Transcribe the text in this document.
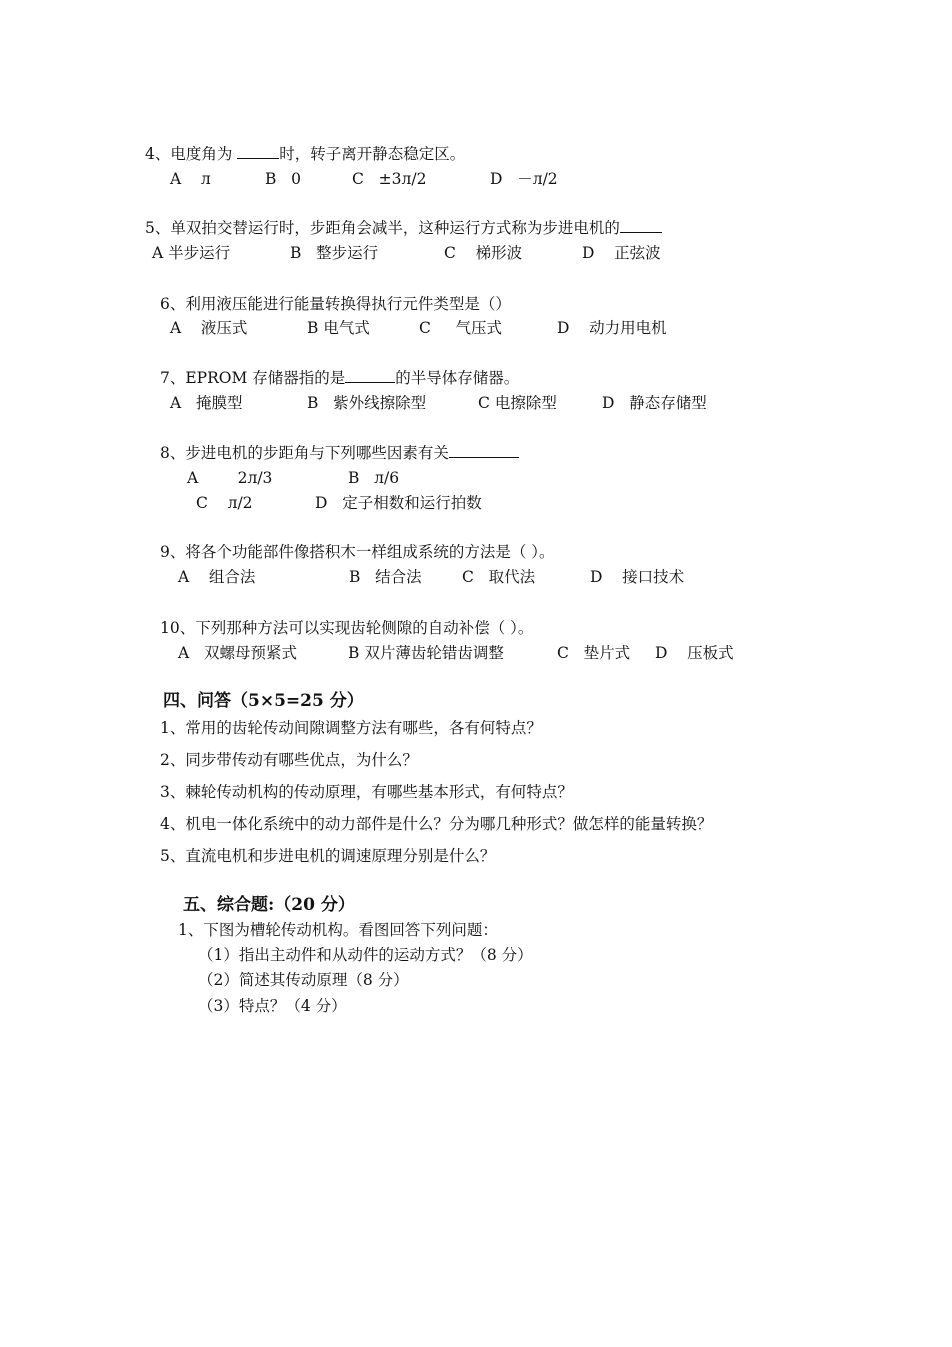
4、电度角为	时，转子离开静态稳定区。
A л	B 0	C ±3л/2	D －л/2
5、单双拍交替运行时，步距角会减半，这种运行方式称为步进电机的
A 半步运行	B 整步运行	C 梯形波	D 正弦波
6、利用液压能进行能量转换得执行元件类型是（）
A 液压式	B 电气式	C 气压式	D 动力用电机
7、EPROM 存储器指的是	的半导体存储器。
A 掩膜型	B 紫外线擦除型	C 电擦除型	D 静态存储型
8、步进电机的步距角与下列哪些因素有关
A	2л/3	B л/6
C л/2	D 定子相数和运行拍数
9、将各个功能部件像搭积木一样组成系统的方法是（ ）。
A 组合法	B 结合法	C 取代法	D 接口技术
10、下列那种方法可以实现齿轮侧隙的自动补偿（ ）。
A 双螺母预紧式	B 双片薄齿轮错齿调整	C 垫片式 D 压板式
四、问答（5×5=25 分）
1、常用的齿轮传动间隙调整方法有哪些，各有何特点？
2、同步带传动有哪些优点，为什么？
3、棘轮传动机构的传动原理，有哪些基本形式，有何特点？
4、机电一体化系统中的动力部件是什么？分为哪几种形式？做怎样的能量转换？
5、直流电机和步进电机的调速原理分别是什么？
五、综合题:（20 分）
1、下图为槽轮传动机构。看图回答下列问题：
（1）指出主动件和从动件的运动方式？（8 分）
（2）简述其传动原理（8 分）
（3）特点？（4 分）
